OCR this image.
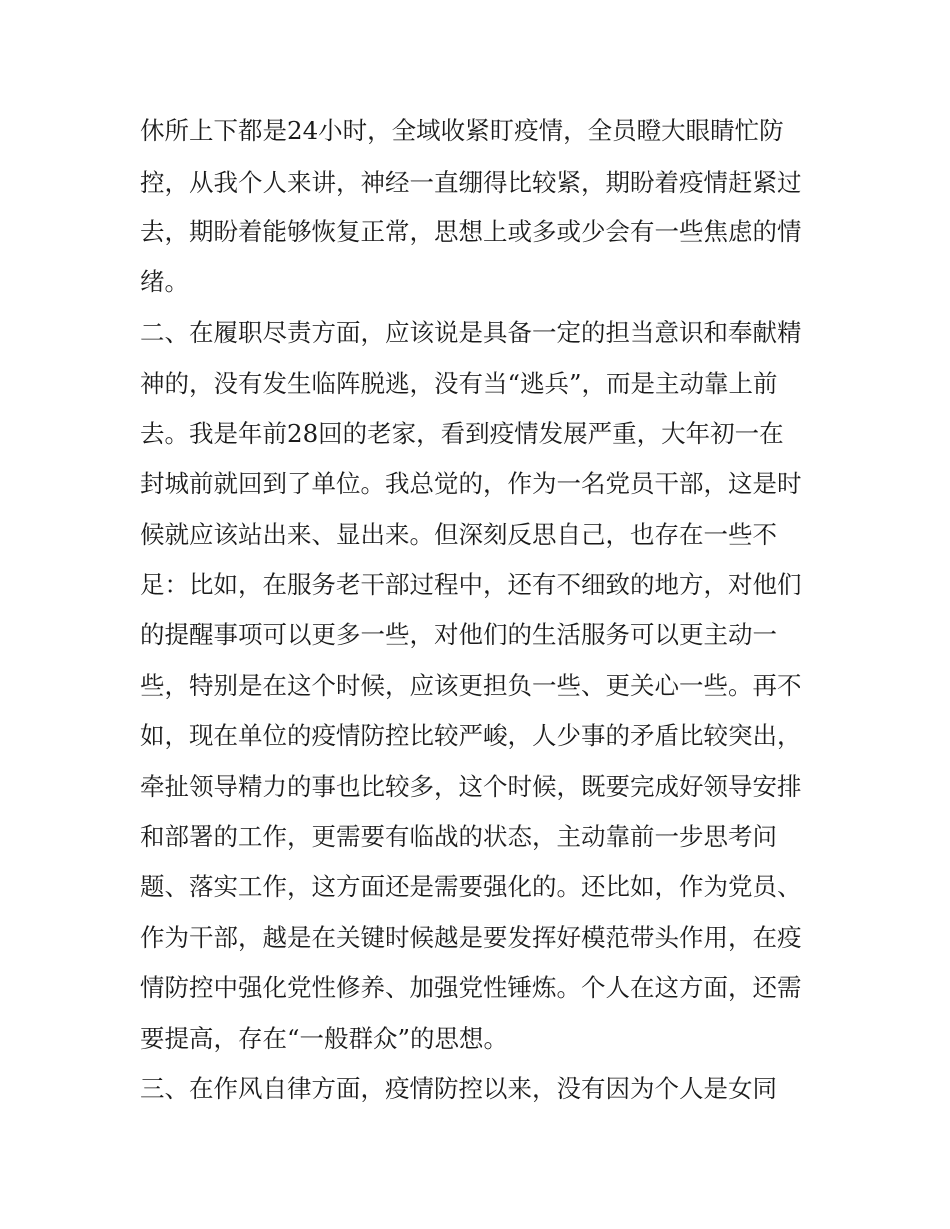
休所上下都是24小时，全域收紧盯疫情，全员瞪大眼睛忙防
控，从我个人来讲，神经一直绷得比较紧，期盼着疫情赶紧过
去，期盼着能够恢复正常，思想上或多或少会有一些焦虑的情
绪。
二、在履职尽责方面，应该说是具备一定的担当意识和奉献精
神的，没有发生临阵脱逃，没有当“逃兵”，而是主动靠上前
去。我是年前28回的老家，看到疫情发展严重，大年初一在
封城前就回到了单位。我总觉的，作为一名党员干部，这是时
候就应该站出来、显出来。但深刻反思自己，也存在一些不
足：比如，在服务老干部过程中，还有不细致的地方，对他们
的提醒事项可以更多一些，对他们的生活服务可以更主动一
些，特别是在这个时候，应该更担负一些、更关心一些。再不
如，现在单位的疫情防控比较严峻，人少事的矛盾比较突出，
牵扯领导精力的事也比较多，这个时候，既要完成好领导安排
和部署的工作，更需要有临战的状态，主动靠前一步思考问
题、落实工作，这方面还是需要强化的。还比如，作为党员、
作为干部，越是在关键时候越是要发挥好模范带头作用，在疫
情防控中强化党性修养、加强党性锤炼。个人在这方面，还需
要提高，存在“一般群众”的思想。
三、在作风自律方面，疫情防控以来，没有因为个人是女同
